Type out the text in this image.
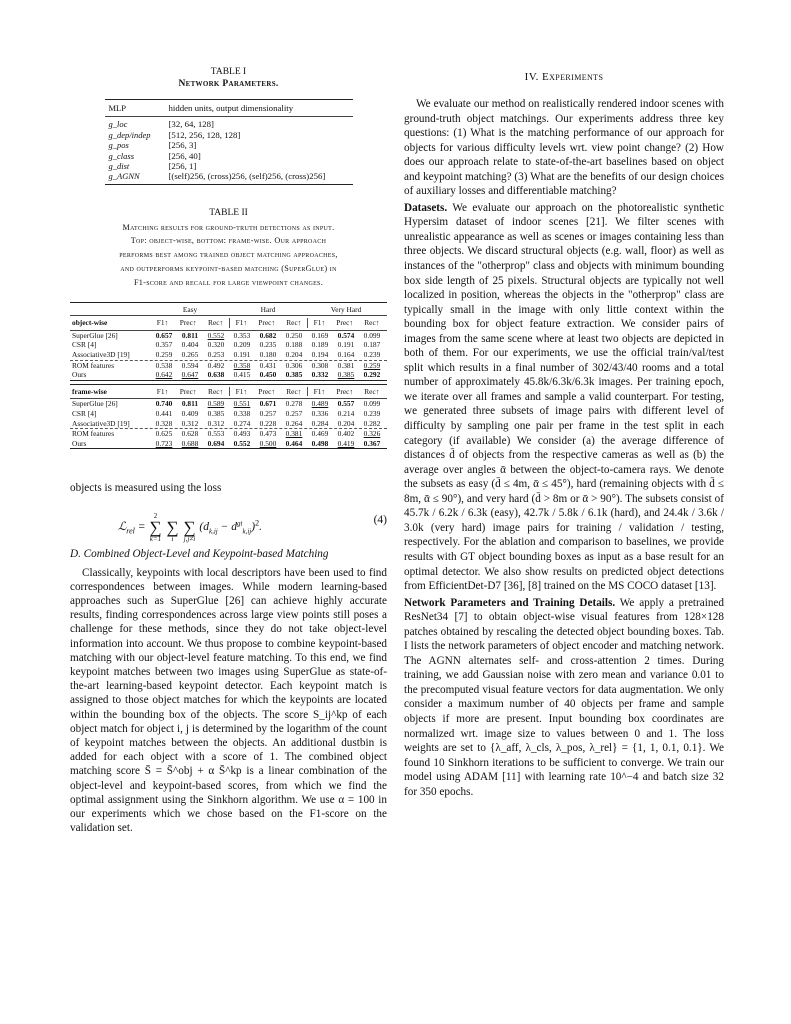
TABLE I
Network Parameters.
MLP	hidden units, output dimensionality
g_loc	[32, 64, 128]
g_dep/indep	[512, 256, 128, 128]
g_pos	[256, 3]
g_class	[256, 40]
g_dist	[256, 1]
g_AGNN	[(self)256, (cross)256, (self)256, (cross)256]
TABLE II
Matching results for ground-truth detections as input.
Top: object-wise, bottom: frame-wise. Our approach
performs best among trained object matching approaches,
and outperforms keypoint-based matching (SuperGlue) in
F1-score and recall for large viewpoint changes.
Easy	Hard	Very Hard
object-wise	F1↑ Prec↑ Rec↑ F1↑ Prec↑ Rec↑ F1↑ Prec↑ Rec↑
SuperGlue [26]	0.657 0.811 0.552 0.353 0.682 0.250 0.169 0.574 0.099
CSR [4]	0.357 0.404 0.320 0.209 0.235 0.188 0.189 0.191 0.187
Associative3D [19]	0.259 0.265 0.253 0.191 0.180 0.204 0.194 0.164 0.239
ROM features	0.538 0.594 0.492 0.358 0.431 0.306 0.308 0.381 0.259
Ours	0.642 0.647 0.638 0.415 0.450 0.385 0.332 0.385 0.292
frame-wise	F1↑ Prec↑ Rec↑ F1↑ Prec↑ Rec↑ F1↑ Prec↑ Rec↑
SuperGlue [26]	0.740 0.811 0.589 0.551 0.671 0.278 0.489 0.557 0.099
CSR [4]	0.441 0.409 0.385 0.338 0.257 0.257 0.336 0.214 0.239
Associative3D [19]	0.328 0.312 0.312 0.274 0.228 0.264 0.284 0.204 0.282
ROM features	0.625 0.628 0.553 0.493 0.473 0.381 0.469 0.402 0.326
Ours	0.723 0.688 0.694 0.552 0.500 0.464 0.498 0.419 0.367
objects is measured using the loss
ℒ$_{rel}$ =
2
∑
k=1

∑
i

∑
j,j≠i
$(d_{k,ij} - d^{gt}_{k,ij})^2$.
(4)
D. Combined Object-Level and Keypoint-based Matching
Classically, keypoints with local descriptors have been used to find correspondences between images. While modern learning-based approaches such as SuperGlue [26] can achieve highly accurate results, finding correspondences across large view points still poses a challenge for these methods, since they do not take object-level information into account. We thus propose to combine keypoint-based matching with our object-level feature matching. To this end, we find keypoint matches between two images using SuperGlue as state-of-the-art learning-based keypoint detector. Each keypoint match is assigned to those object matches for which the keypoints are located within the bounding box of the objects. The score S_ij^kp of each object match for object i, j is determined by the logarithm of the count of keypoint matches between the objects. An additional dustbin is added for each object with a score of 1. The combined object matching score S̄ = S̄^obj + α S̄^kp is a linear combination of the object-level and keypoint-based scores, from which we find the optimal assignment using the Sinkhorn algorithm. We use α = 100 in our experiments which we chose based on the F1-score on the validation set.
IV. Experiments
We evaluate our method on realistically rendered indoor scenes with ground-truth object matchings. Our experiments address three key questions: (1) What is the matching performance of our approach for objects for various difficulty levels wrt. view point change? (2) How does our approach relate to state-of-the-art baselines based on object and keypoint matching? (3) What are the benefits of our design choices of auxiliary losses and differentiable matching?
Datasets. We evaluate our approach on the photorealistic synthetic Hypersim dataset of indoor scenes [21]. We filter scenes with unrealistic appearance as well as scenes or images containing less than three objects. We discard structural objects (e.g. wall, floor) as well as instances of the "otherprop" class and objects with minimum bounding box side length of 25 pixels. Structural objects are typically not well localized in position, whereas the objects in the "otherprop" class are typically small in the image with only little context within the bounding box for object feature extraction. We consider pairs of images from the same scene where at least two objects are depicted in both of them. For our experiments, we use the official train/val/test split which results in a final number of 302/43/40 rooms and a total number of approximately 45.8k/6.3k/6.3k images. Per training epoch, we iterate over all frames and sample a valid counterpart. For testing, we generated three subsets of image pairs with different level of difficulty by sampling one pair per frame in the test split in each category (if available) We consider (a) the average difference of distances d̄ of objects from the respective cameras as well as (b) the average over angles ᾱ between the object-to-camera rays. We denote the subsets as easy (d̄ ≤ 4m, ᾱ ≤ 45°), hard (remaining objects with d̄ ≤ 8m, ᾱ ≤ 90°), and very hard (d̄ > 8m or ᾱ > 90°). The subsets consist of 45.7k / 6.2k / 6.3k (easy), 42.7k / 5.8k / 6.1k (hard), and 24.4k / 3.6k / 3.0k (very hard) image pairs for training / validation / testing, respectively. For the ablation and comparison to baselines, we provide results with GT object bounding boxes as input as a base result for an optimal detector. We also show results on predicted object detections from EfficientDet-D7 [36], [8] trained on the MS COCO dataset [13].
Network Parameters and Training Details. We apply a pretrained ResNet34 [7] to obtain object-wise visual features from 128×128 patches obtained by rescaling the detected object bounding boxes. Tab. I lists the network parameters of object encoder and matching network. The AGNN alternates self- and cross-attention 2 times. During training, we add Gaussian noise with zero mean and variance 0.01 to the precomputed visual feature vectors for data augmentation. We only consider a maximum number of 40 objects per frame and sample objects if more are present. Input bounding box coordinates are normalized wrt. image size to values between 0 and 1. The loss weights are set to {λ_aff, λ_cls, λ_pos, λ_rel} = {1, 1, 0.1, 0.1}. We found 10 Sinkhorn iterations to be sufficient to converge. We train our model using ADAM [11] with learning rate 10^−4 and batch size 32 for 350 epochs.
